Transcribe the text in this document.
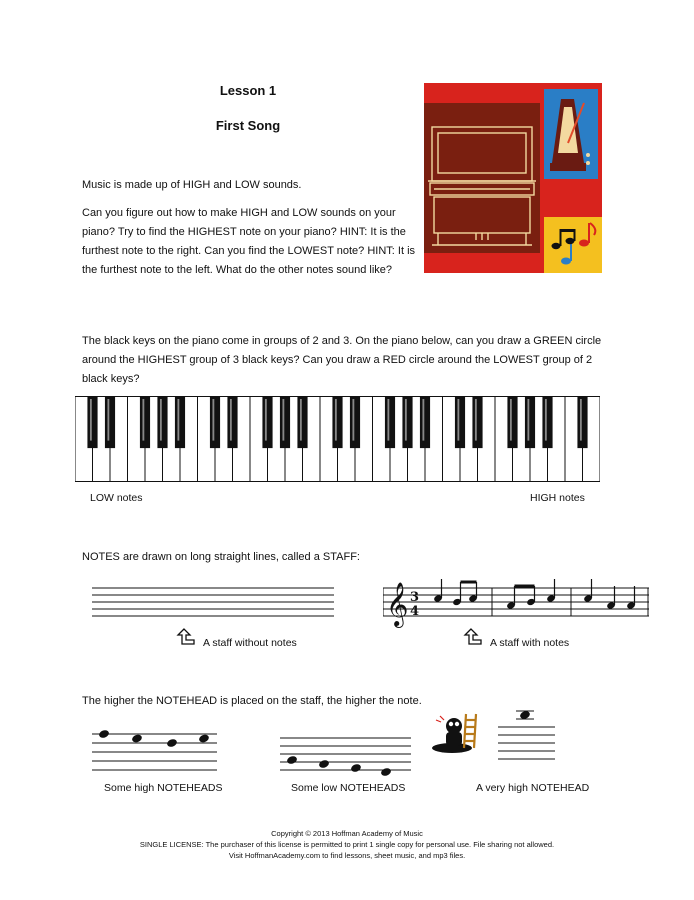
Lesson 1
First Song

Music is made up of HIGH and LOW sounds.

Can you figure out how to make HIGH and LOW sounds on your piano? Try to find the HIGHEST note on your piano? HINT: It is the furthest note to the right. Can you find the LOWEST note? HINT: It is the furthest note to the left. What do the other notes sound like?

The black keys on the piano come in groups of 2 and 3. On the piano below, can you draw a GREEN circle around the HIGHEST group of 3 black keys? Can you draw a RED circle around the LOWEST group of 2 black keys?
LOW notes	HIGH notes
NOTES are drawn on long straight lines, called a STAFF:
𝄞 3
4
A staff without notes	A staff with notes
The higher the NOTEHEAD is placed on the staff, the higher the note.
Some high NOTEHEADS	Some low NOTEHEADS	A very high NOTEHEAD
Copyright © 2013 Hoffman Academy of Music
SINGLE LICENSE: The purchaser of this license is permitted to print 1 single copy for personal use. File sharing not allowed.
Visit HoffmanAcademy.com to find lessons, sheet music, and mp3 files.
